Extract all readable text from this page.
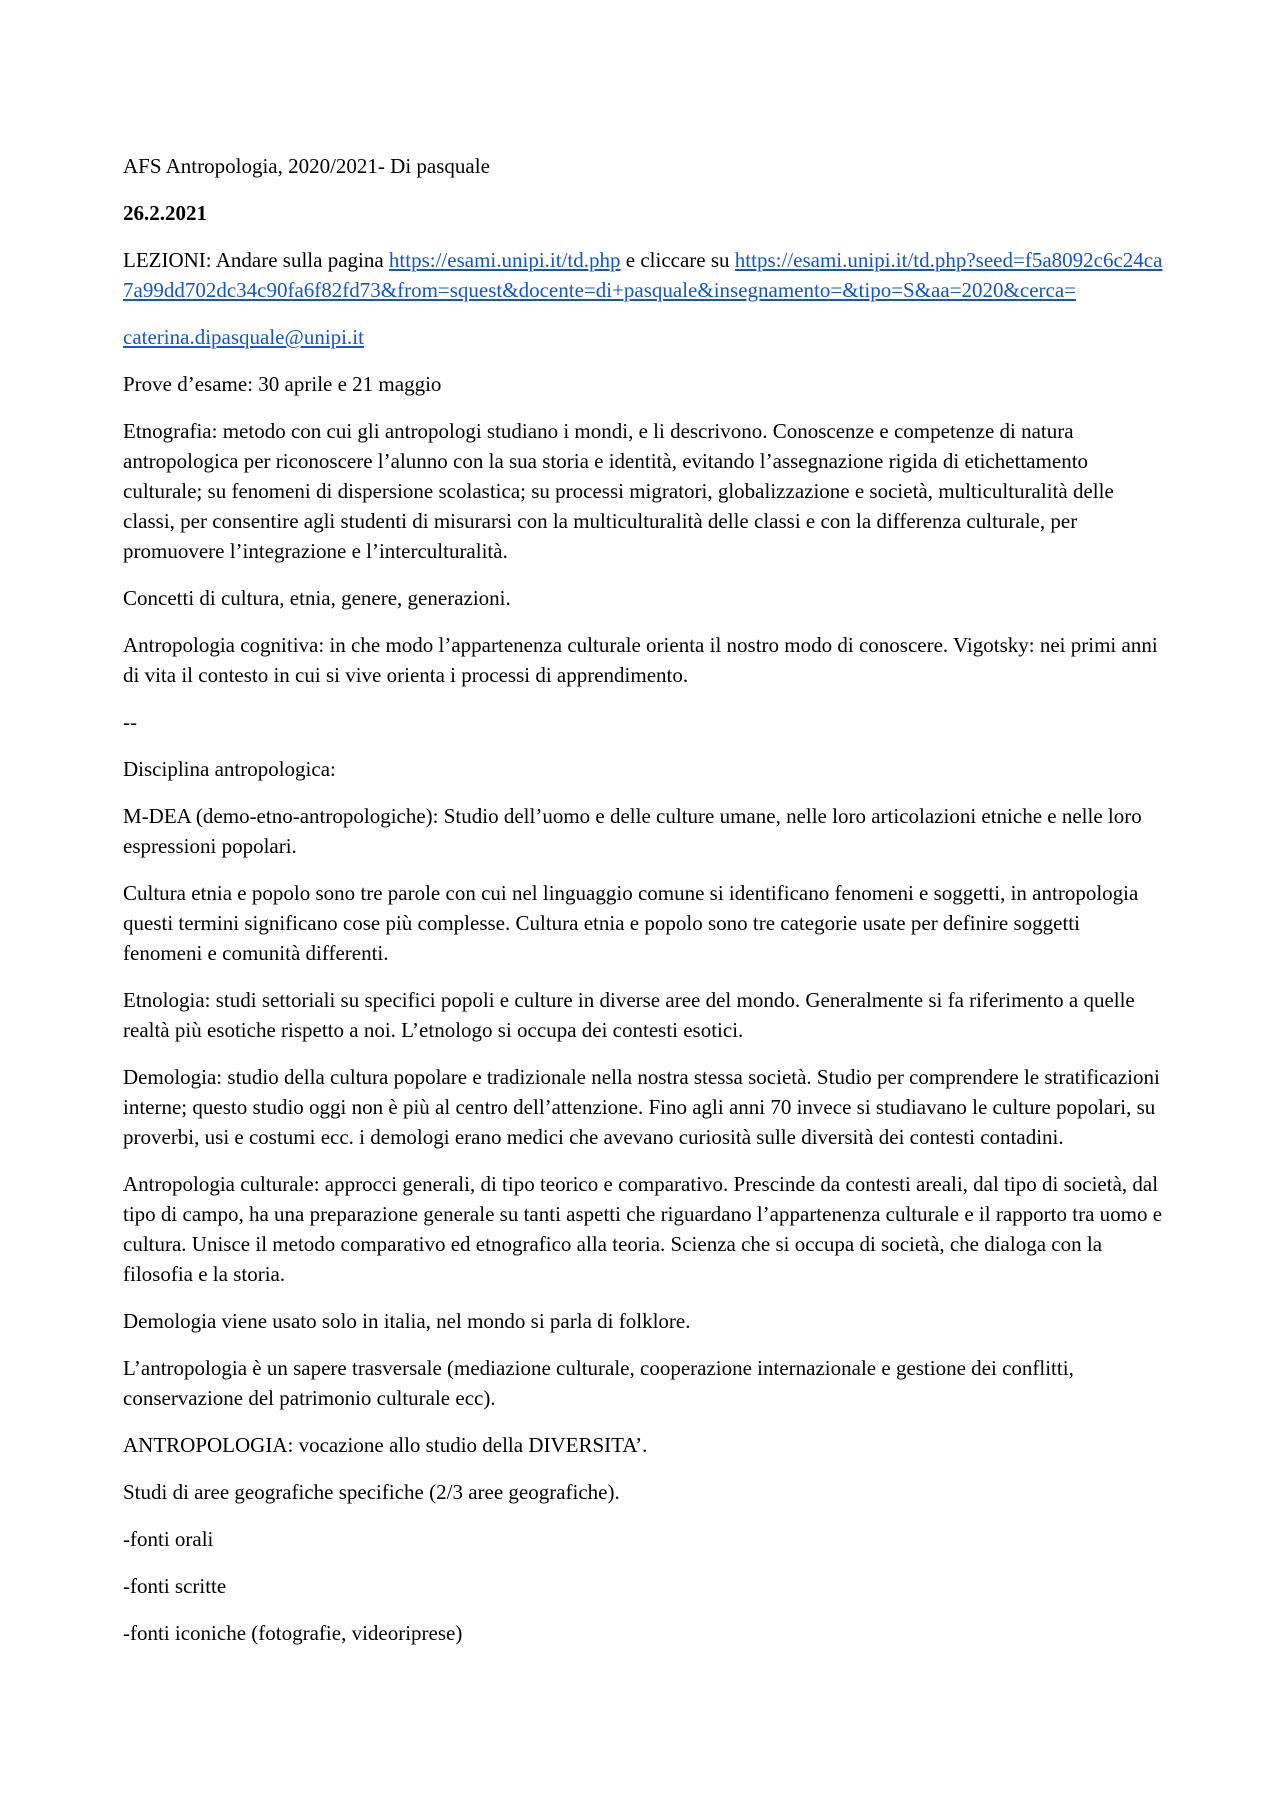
AFS Antropologia, 2020/2021- Di pasquale

26.2.2021

LEZIONI: Andare sulla pagina https://esami.unipi.it/td.php e cliccare su https://esami.unipi.it/td.php?seed=f5a8092c6c24ca7a99dd702dc34c90fa6f82fd73&from=squest&docente=di+pasquale&insegnamento=&tipo=S&aa=2020&cerca=

caterina.dipasquale@unipi.it

Prove d’esame: 30 aprile e 21 maggio

Etnografia: metodo con cui gli antropologi studiano i mondi, e li descrivono. Conoscenze e competenze di natura antropologica per riconoscere l’alunno con la sua storia e identità, evitando l’assegnazione rigida di etichettamento culturale; su fenomeni di dispersione scolastica; su processi migratori, globalizzazione e società, multiculturalità delle classi, per consentire agli studenti di misurarsi con la multiculturalità delle classi e con la differenza culturale, per promuovere l’integrazione e l’interculturalità.

Concetti di cultura, etnia, genere, generazioni.

Antropologia cognitiva: in che modo l’appartenenza culturale orienta il nostro modo di conoscere. Vigotsky: nei primi anni di vita il contesto in cui si vive orienta i processi di apprendimento.

--

Disciplina antropologica:

M-DEA (demo-etno-antropologiche): Studio dell’uomo e delle culture umane, nelle loro articolazioni etniche e nelle loro espressioni popolari.

Cultura etnia e popolo sono tre parole con cui nel linguaggio comune si identificano fenomeni e soggetti, in antropologia questi termini significano cose più complesse. Cultura etnia e popolo sono tre categorie usate per definire soggetti fenomeni e comunità differenti.

Etnologia: studi settoriali su specifici popoli e culture in diverse aree del mondo. Generalmente si fa riferimento a quelle realtà più esotiche rispetto a noi. L’etnologo si occupa dei contesti esotici.

Demologia: studio della cultura popolare e tradizionale nella nostra stessa società. Studio per comprendere le stratificazioni interne; questo studio oggi non è più al centro dell’attenzione. Fino agli anni 70 invece si studiavano le culture popolari, su proverbi, usi e costumi ecc. i demologi erano medici che avevano curiosità sulle diversità dei contesti contadini.

Antropologia culturale: approcci generali, di tipo teorico e comparativo. Prescinde da contesti areali, dal tipo di società, dal tipo di campo, ha una preparazione generale su tanti aspetti che riguardano l’appartenenza culturale e il rapporto tra uomo e cultura. Unisce il metodo comparativo ed etnografico alla teoria. Scienza che si occupa di società, che dialoga con la filosofia e la storia.

Demologia viene usato solo in italia, nel mondo si parla di folklore.

L’antropologia è un sapere trasversale (mediazione culturale, cooperazione internazionale e gestione dei conflitti, conservazione del patrimonio culturale ecc).

ANTROPOLOGIA: vocazione allo studio della DIVERSITA’.

Studi di aree geografiche specifiche (2/3 aree geografiche).

-fonti orali

-fonti scritte

-fonti iconiche (fotografie, videoriprese)
